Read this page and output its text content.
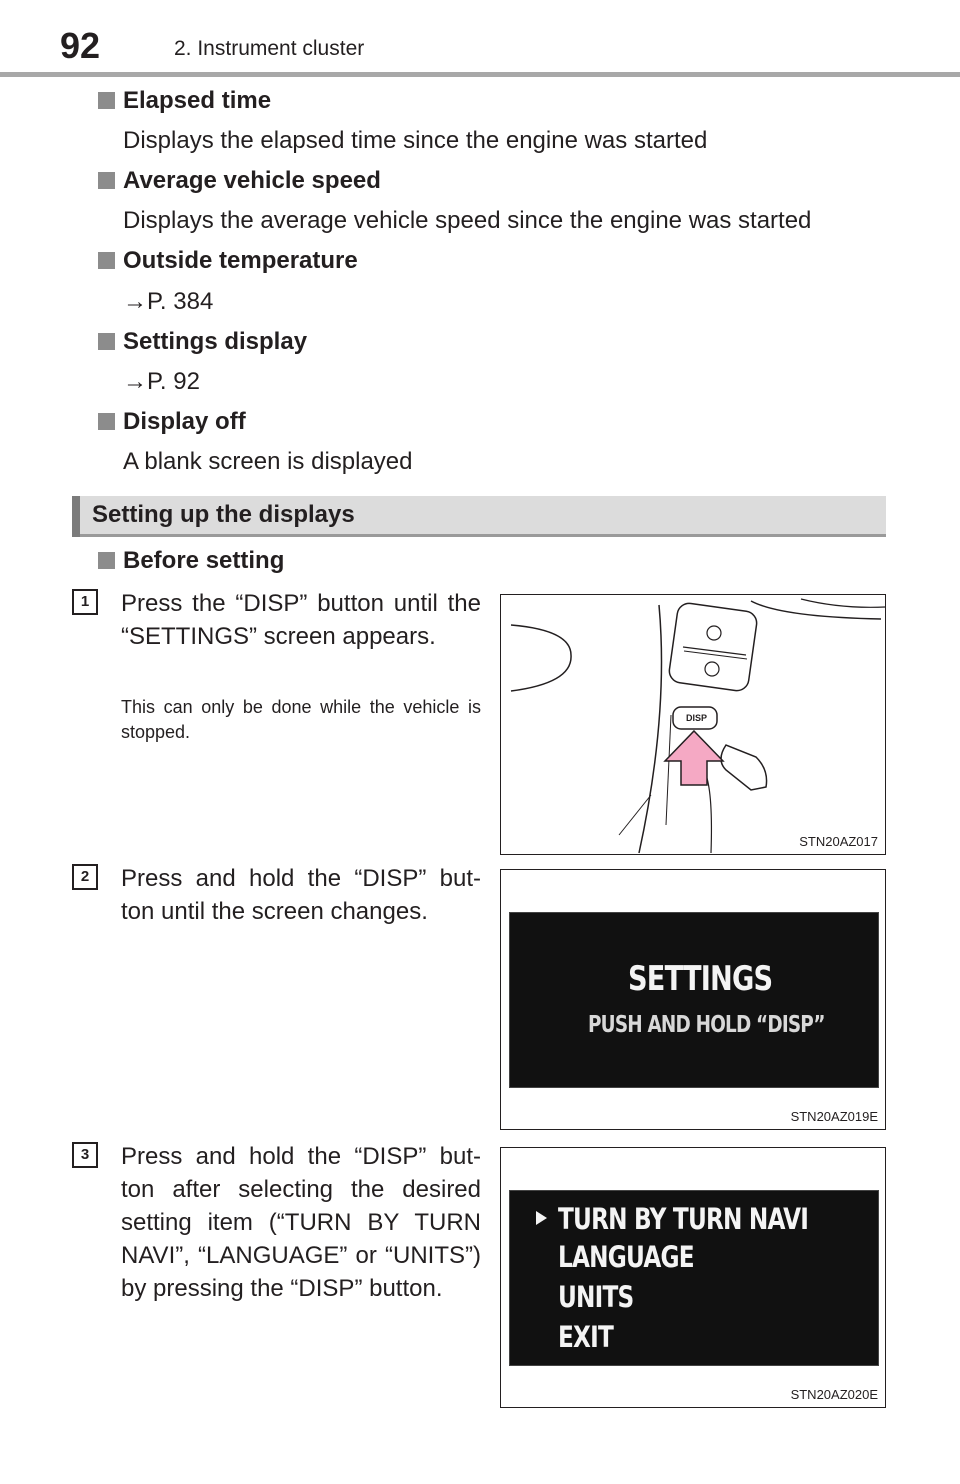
92	2. Instrument cluster
Elapsed time
Displays the elapsed time since the engine was started
Average vehicle speed
Displays the average vehicle speed since the engine was started
Outside temperature
→P. 384
Settings display
→P. 92
Display off
A blank screen is displayed
Setting up the displays
Before setting
1	Press the “DISP” button until the “SETTINGS” screen appears.
This can only be done while the vehicle is stopped.
DISP
STN20AZ017
2	Press and hold the “DISP” but-ton until the screen changes.
SETTINGS
PUSH AND HOLD “DISP”
STN20AZ019E
3	Press and hold the “DISP” but-ton after selecting the desired setting item (“TURN BY TURN NAVI”, “LANGUAGE” or “UNITS”) by pressing the “DISP” button.
TURN BY TURN NAVI
LANGUAGE
UNITS
EXIT
STN20AZ020E
